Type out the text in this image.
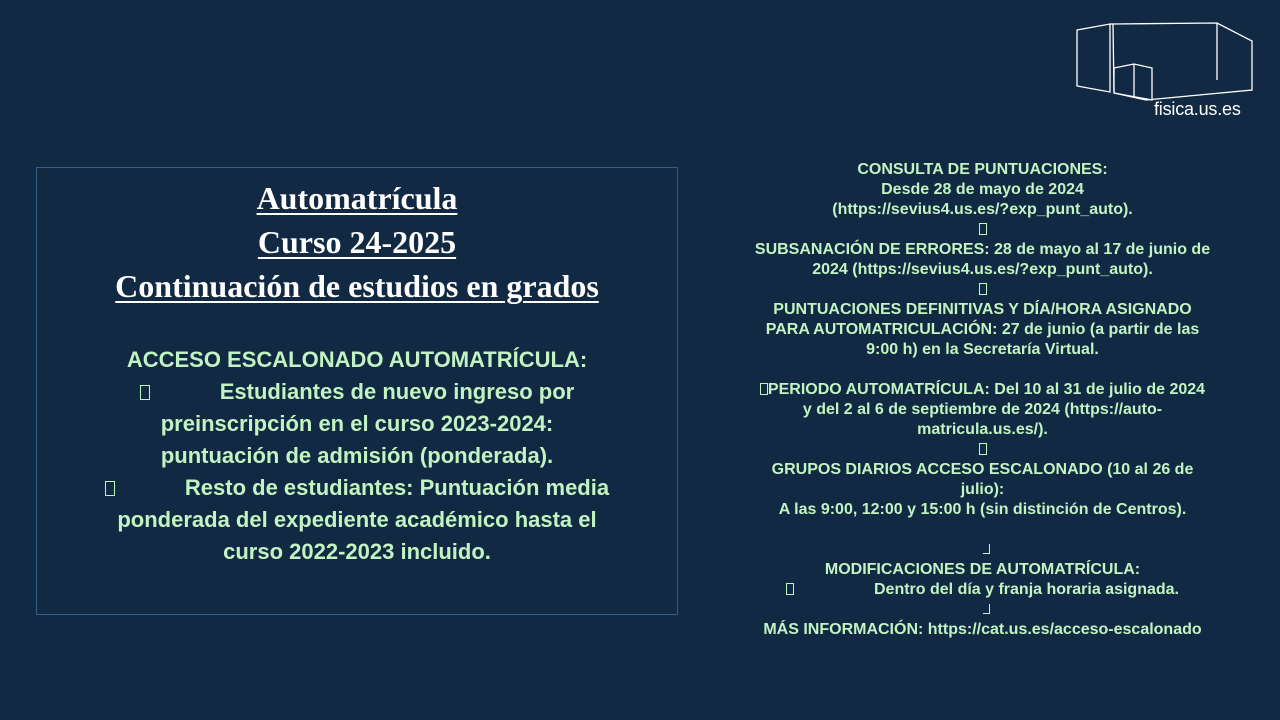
fisica.us.es
Automatrícula
Curso 24-2025
Continuación de estudios en grados
ACCESO ESCALONADO AUTOMATRÍCULA:
Estudiantes de nuevo ingreso por
preinscripción en el curso 2023-2024:
puntuación de admisión (ponderada).
Resto de estudiantes: Puntuación media
ponderada del expediente académico hasta el
curso 2022-2023 incluido.
CONSULTA DE PUNTUACIONES:
Desde 28 de mayo de 2024
(https://sevius4.us.es/?exp_punt_auto).
SUBSANACIÓN DE ERRORES: 28 de mayo al 17 de junio de
2024 (https://sevius4.us.es/?exp_punt_auto).
PUNTUACIONES DEFINITIVAS Y DÍA/HORA ASIGNADO
PARA AUTOMATRICULACIÓN: 27 de junio (a partir de las
9:00 h) en la Secretaría Virtual.
PERIODO AUTOMATRÍCULA: Del 10 al 31 de julio de 2024
y del 2 al 6 de septiembre de 2024 (https://auto-
matricula.us.es/).
GRUPOS DIARIOS ACCESO ESCALONADO (10 al 26 de
julio):
A las 9:00, 12:00 y 15:00 h (sin distinción de Centros).
MODIFICACIONES DE AUTOMATRÍCULA:
Dentro del día y franja horaria asignada.
MÁS INFORMACIÓN: https://cat.us.es/acceso-escalonado
